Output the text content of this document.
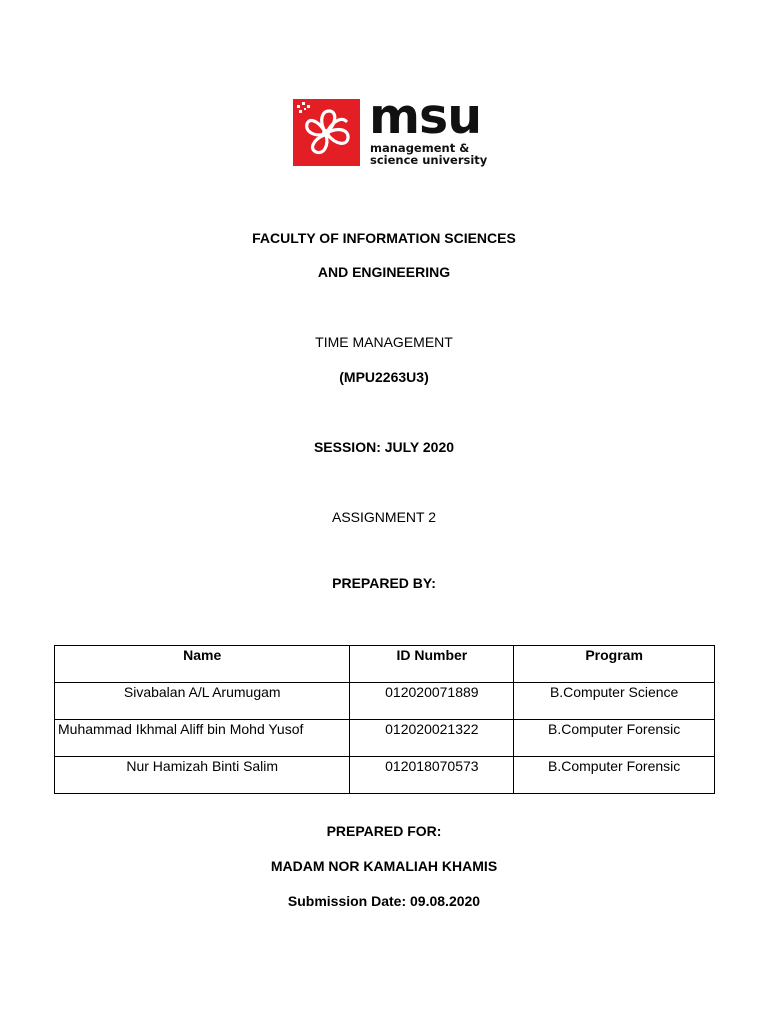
msu
management &
science university
FACULTY OF INFORMATION SCIENCES
AND ENGINEERING
TIME MANAGEMENT
(MPU2263U3)
SESSION: JULY 2020
ASSIGNMENT 2
PREPARED BY:
Name	ID Number	Program
Sivabalan A/L Arumugam	012020071889	B.Computer Science
Muhammad Ikhmal Aliff bin Mohd Yusof	012020021322	B.Computer Forensic
Nur Hamizah Binti Salim	012018070573	B.Computer Forensic
PREPARED FOR:
MADAM NOR KAMALIAH KHAMIS
Submission Date: 09.08.2020
